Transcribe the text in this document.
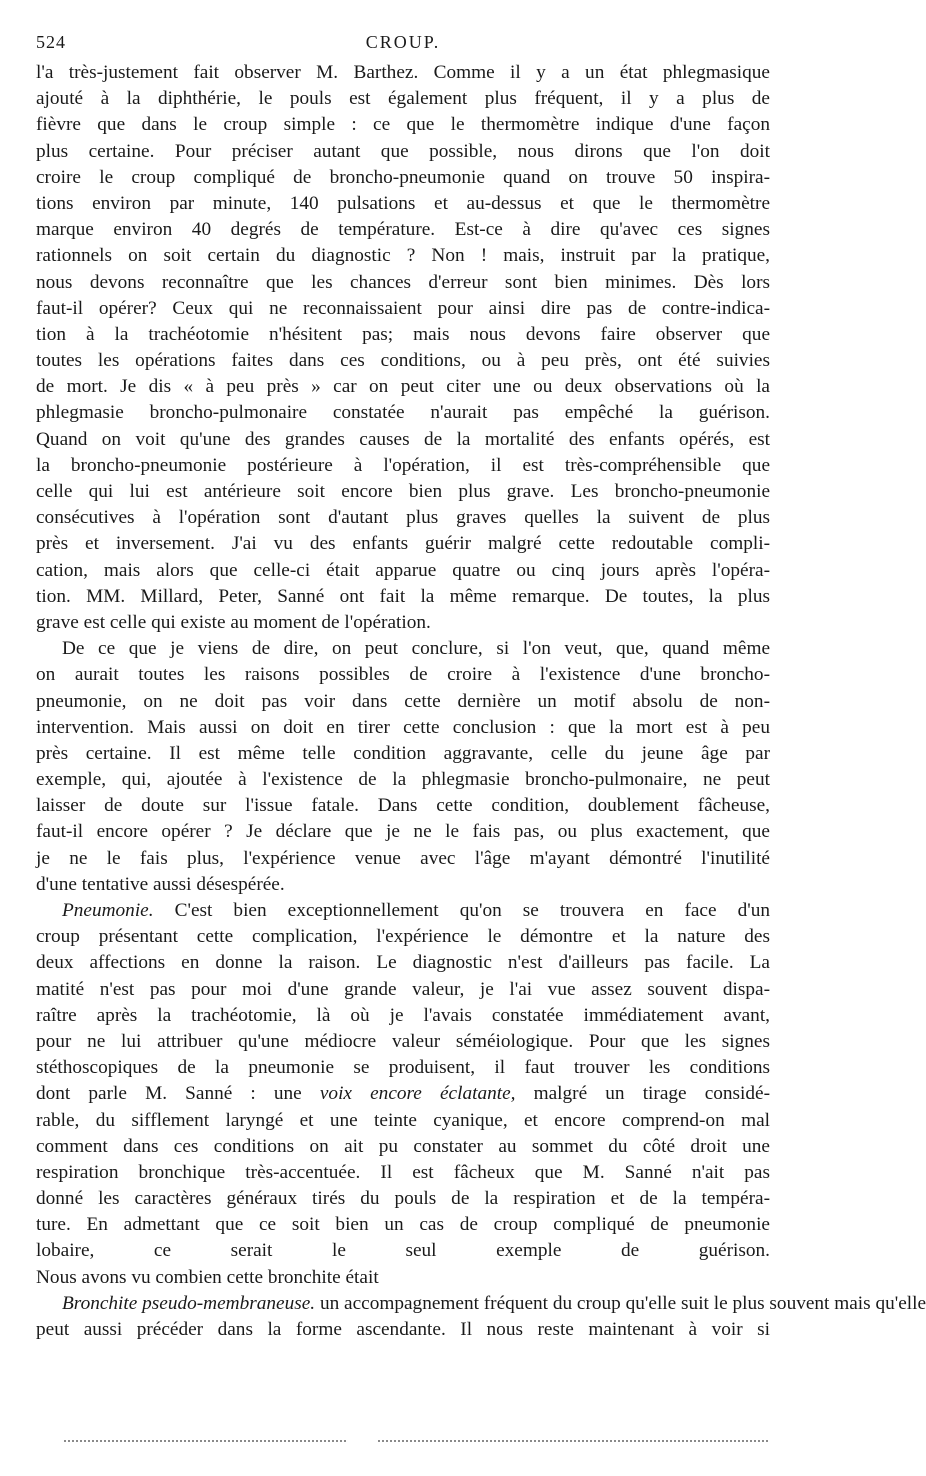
524	CROUP.
l'a très-justement fait observer M. Barthez. Comme il y a un état phlegmasique
ajouté à la diphthérie, le pouls est également plus fréquent, il y a plus de
fièvre que dans le croup simple : ce que le thermomètre indique d'une façon
plus certaine. Pour préciser autant que possible, nous dirons que l'on doit
croire le croup compliqué de broncho-pneumonie quand on trouve 50 inspira-
tions environ par minute, 140 pulsations et au-dessus et que le thermomètre
marque environ 40 degrés de température. Est-ce à dire qu'avec ces signes
rationnels on soit certain du diagnostic ? Non ! mais, instruit par la pratique,
nous devons reconnaître que les chances d'erreur sont bien minimes. Dès lors
faut-il opérer? Ceux qui ne reconnaissaient pour ainsi dire pas de contre-indica-
tion à la trachéotomie n'hésitent pas; mais nous devons faire observer que
toutes les opérations faites dans ces conditions, ou à peu près, ont été suivies
de mort. Je dis « à peu près » car on peut citer une ou deux observations où la
phlegmasie broncho-pulmonaire constatée n'aurait pas empêché la guérison.
Quand on voit qu'une des grandes causes de la mortalité des enfants opérés, est
la broncho-pneumonie postérieure à l'opération, il est très-compréhensible que
celle qui lui est antérieure soit encore bien plus grave. Les broncho-pneumonie
consécutives à l'opération sont d'autant plus graves quelles la suivent de plus
près et inversement. J'ai vu des enfants guérir malgré cette redoutable compli-
cation, mais alors que celle-ci était apparue quatre ou cinq jours après l'opéra-
tion. MM. Millard, Peter, Sanné ont fait la même remarque. De toutes, la plus
grave est celle qui existe au moment de l'opération.
De ce que je viens de dire, on peut conclure, si l'on veut, que, quand même
on aurait toutes les raisons possibles de croire à l'existence d'une broncho-
pneumonie, on ne doit pas voir dans cette dernière un motif absolu de non-
intervention. Mais aussi on doit en tirer cette conclusion : que la mort est à peu
près certaine. Il est même telle condition aggravante, celle du jeune âge par
exemple, qui, ajoutée à l'existence de la phlegmasie broncho-pulmonaire, ne peut
laisser de doute sur l'issue fatale. Dans cette condition, doublement fâcheuse,
faut-il encore opérer ? Je déclare que je ne le fais pas, ou plus exactement, que
je ne le fais plus, l'expérience venue avec l'âge m'ayant démontré l'inutilité
d'une tentative aussi désespérée.
Pneumonie. C'est bien exceptionnellement qu'on se trouvera en face d'un
croup présentant cette complication, l'expérience le démontre et la nature des
deux affections en donne la raison. Le diagnostic n'est d'ailleurs pas facile. La
matité n'est pas pour moi d'une grande valeur, je l'ai vue assez souvent dispa-
raître après la trachéotomie, là où je l'avais constatée immédiatement avant,
pour ne lui attribuer qu'une médiocre valeur séméiologique. Pour que les signes
stéthoscopiques de la pneumonie se produisent, il faut trouver les conditions
dont parle M. Sanné : une voix encore éclatante, malgré un tirage considé-
rable, du sifflement laryngé et une teinte cyanique, et encore comprend-on mal
comment dans ces conditions on ait pu constater au sommet du côté droit une
respiration bronchique très-accentuée. Il est fâcheux que M. Sanné n'ait pas
donné les caractères généraux tirés du pouls de la respiration et de la tempéra-
ture. En admettant que ce soit bien un cas de croup compliqué de pneumonie
lobaire, ce serait le seul exemple de guérison.
Nous avons vu combien cette bronchite était
Bronchite pseudo-membraneuse. un accompagnement fréquent du croup qu'elle suit le plus souvent mais qu'elle
peut aussi précéder dans la forme ascendante. Il nous reste maintenant à voir si
